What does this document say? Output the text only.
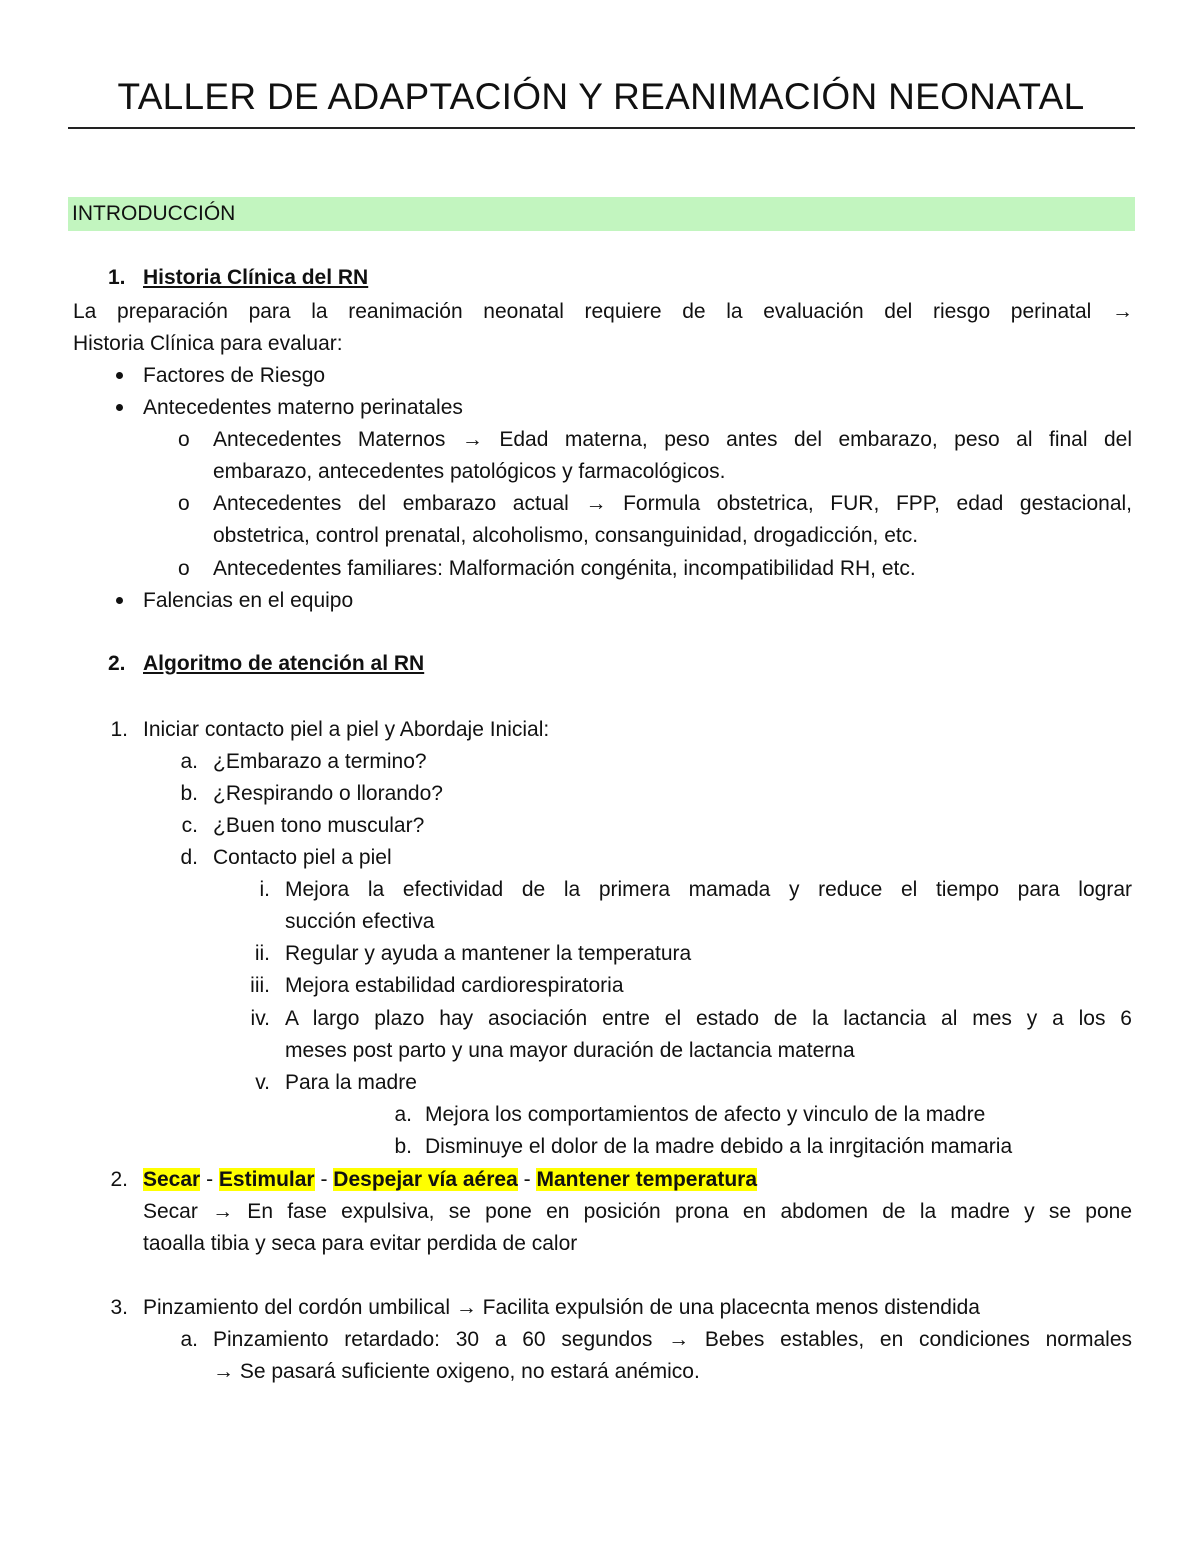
TALLER DE ADAPTACIÓN Y REANIMACIÓN NEONATAL
INTRODUCCIÓN
1. Historia Clínica del RN
La preparación para la reanimación neonatal requiere de la evaluación del riesgo perinatal →
Historia Clínica para evaluar:
Factores de Riesgo
Antecedentes materno perinatales
o Antecedentes Maternos → Edad materna, peso antes del embarazo, peso al final del
embarazo, antecedentes patológicos y farmacológicos.
o Antecedentes del embarazo actual → Formula obstetrica, FUR, FPP, edad gestacional,
obstetrica, control prenatal, alcoholismo, consanguinidad, drogadicción, etc.
o Antecedentes familiares: Malformación congénita, incompatibilidad RH, etc.
Falencias en el equipo
2. Algoritmo de atención al RN
1. Iniciar contacto piel a piel y Abordaje Inicial:
a. ¿Embarazo a termino?
b. ¿Respirando o llorando?
c. ¿Buen tono muscular?
d. Contacto piel a piel
i. Mejora la efectividad de la primera mamada y reduce el tiempo para lograr
succión efectiva
ii. Regular y ayuda a mantener la temperatura
iii. Mejora estabilidad cardiorespiratoria
iv. A largo plazo hay asociación entre el estado de la lactancia al mes y a los 6
meses post parto y una mayor duración de lactancia materna
v. Para la madre
a. Mejora los comportamientos de afecto y vinculo de la madre
b. Disminuye el dolor de la madre debido a la inrgitación mamaria
2. Secar - Estimular - Despejar vía aérea - Mantener temperatura
Secar → En fase expulsiva, se pone en posición prona en abdomen de la madre y se pone
taoalla tibia y seca para evitar perdida de calor
3. Pinzamiento del cordón umbilical → Facilita expulsión de una placecnta menos distendida
a. Pinzamiento retardado: 30 a 60 segundos → Bebes estables, en condiciones normales
→ Se pasará suficiente oxigeno, no estará anémico.
